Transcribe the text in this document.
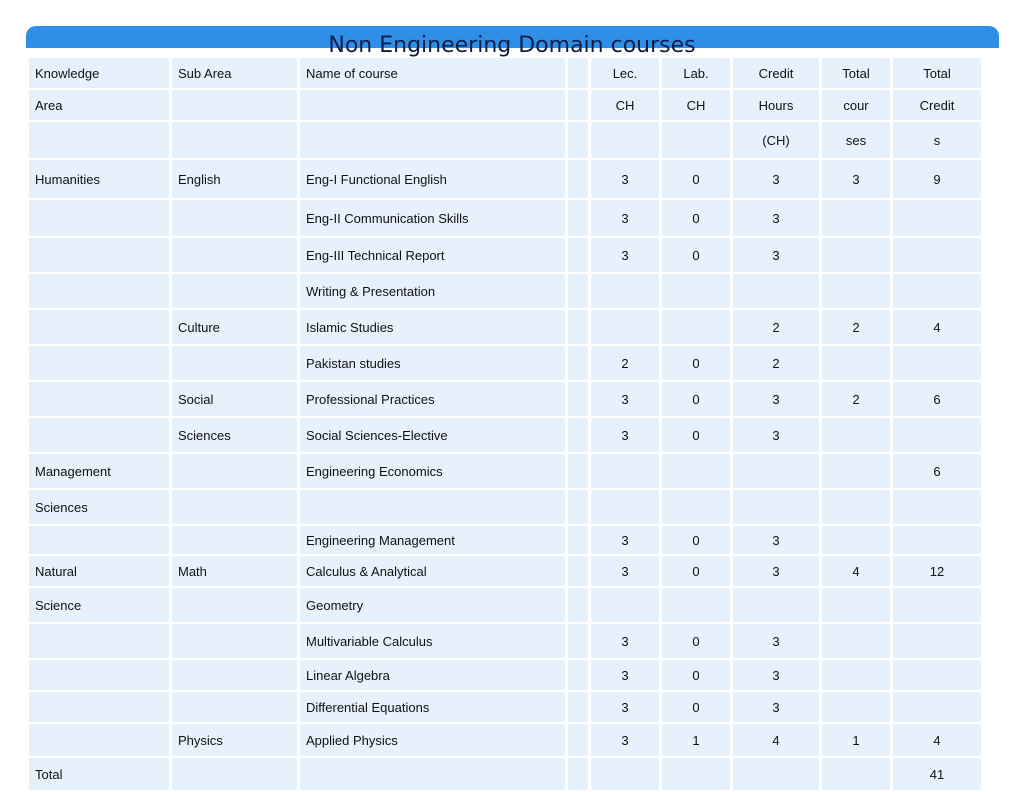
Non Engineering Domain courses
Knowledge	Sub Area	Name of course		Lec.	Lab.	Credit	Total	Total
Area				CH	CH	Hours	cour	Credit
						(CH)	ses	s
Humanities	English	Eng-I Functional English		3	0	3	3	9
		Eng-II Communication Skills		3	0	3		
		Eng-III Technical Report		3	0	3		
		Writing & Presentation						
	Culture	Islamic Studies				2	2	4
		Pakistan studies		2	0	2		
	Social	Professional Practices		3	0	3	2	6
	Sciences	Social Sciences-Elective		3	0	3		
Management		Engineering Economics						6
Sciences								
		Engineering Management		3	0	3		
Natural	Math	Calculus & Analytical		3	0	3	4	12
Science		Geometry						
		Multivariable Calculus		3	0	3		
		Linear Algebra		3	0	3		
		Differential Equations		3	0	3		
	Physics	Applied Physics		3	1	4	1	4
Total								41
